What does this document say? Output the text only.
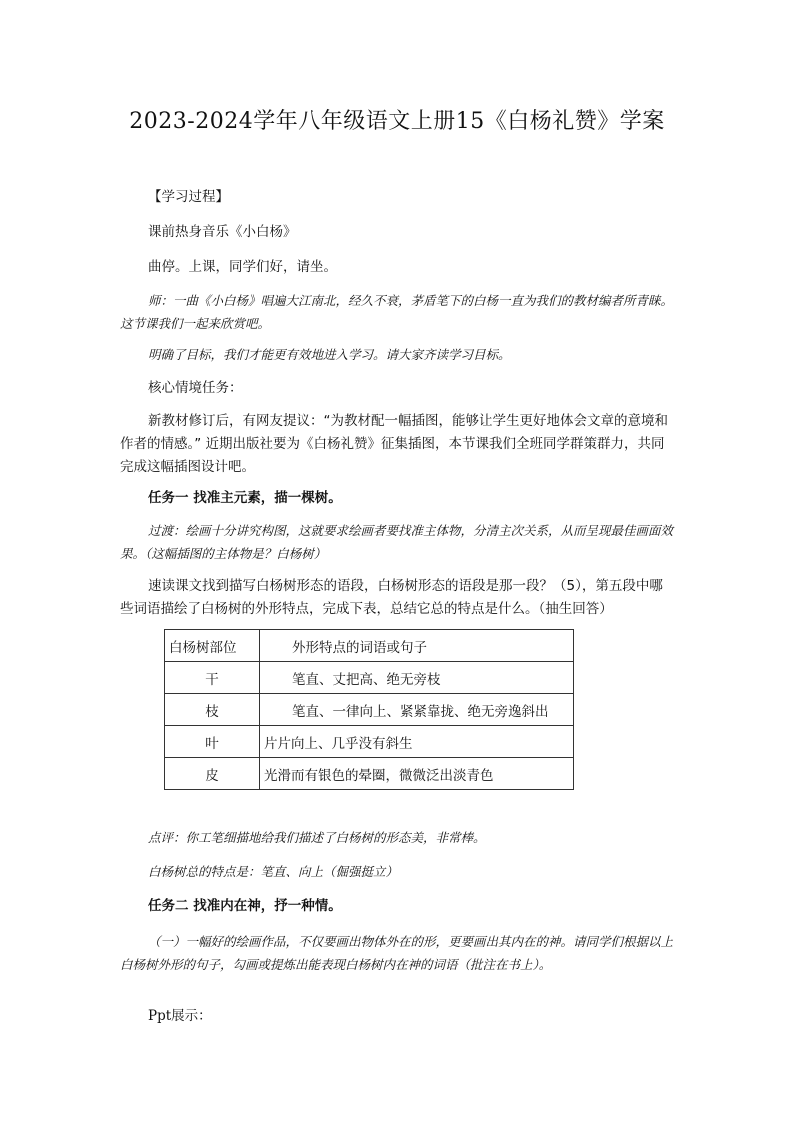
2023-2024学年八年级语文上册15《白杨礼赞》学案

【学习过程】

课前热身音乐《小白杨》

曲停。上课，同学们好，请坐。

师：一曲《小白杨》唱遍大江南北，经久不衰，茅盾笔下的白杨一直为我们的教材编者所青睐。这节课我们一起来欣赏吧。

明确了目标，我们才能更有效地进入学习。请大家齐读学习目标。

核心情境任务：

新教材修订后，有网友提议：“为教材配一幅插图，能够让学生更好地体会文章的意境和作者的情感。” 近期出版社要为《白杨礼赞》征集插图，本节课我们全班同学群策群力，共同完成这幅插图设计吧。

任务一 找准主元素，描一棵树。

过渡：绘画十分讲究构图，这就要求绘画者要找准主体物，分清主次关系，从而呈现最佳画面效果。（这幅插图的主体物是？白杨树）

速读课文找到描写白杨树形态的语段，白杨树形态的语段是那一段？（5），第五段中哪些词语描绘了白杨树的外形特点，完成下表，总结它总的特点是什么。（抽生回答）

白杨树部位	外形特点的词语或句子
干	笔直、丈把高、绝无旁枝
枝	笔直、一律向上、紧紧靠拢、绝无旁逸斜出
叶	片片向上、几乎没有斜生
皮	光滑而有银色的晕圈，微微泛出淡青色

点评：你工笔细描地给我们描述了白杨树的形态美，非常棒。

白杨树总的特点是：笔直、向上（倔强挺立）

任务二 找准内在神，抒一种情。

（一）一幅好的绘画作品，不仅要画出物体外在的形，更要画出其内在的神。请同学们根据以上白杨树外形的句子，勾画或提炼出能表现白杨树内在神的词语（批注在书上）。

Ppt展示：
